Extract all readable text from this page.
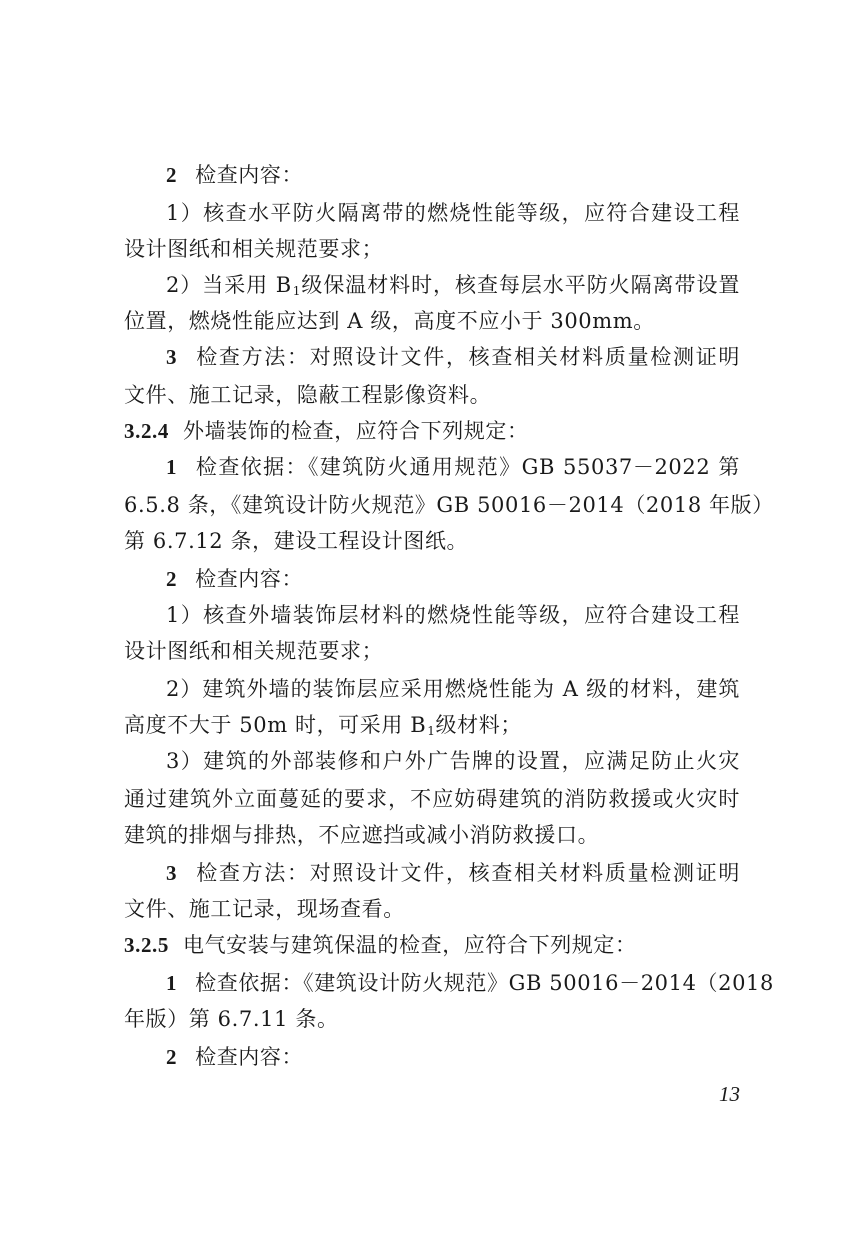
2 检查内容：
1）核查水平防火隔离带的燃烧性能等级，应符合建设工程
设计图纸和相关规范要求；
2）当采用 $B_1$级保温材料时，核查每层水平防火隔离带设置
位置，燃烧性能应达到 A 级，高度不应小于 300mm。
3 检查方法：对照设计文件，核查相关材料质量检测证明
文件、施工记录，隐蔽工程影像资料。
3.2.4 外墙装饰的检查，应符合下列规定：
1 检查依据：《建筑防火通用规范》GB 55037－2022 第
6.5.8 条，《建筑设计防火规范》GB 50016－2014（2018 年版）
第 6.7.12 条，建设工程设计图纸。
2 检查内容：
1）核查外墙装饰层材料的燃烧性能等级，应符合建设工程
设计图纸和相关规范要求；
2）建筑外墙的装饰层应采用燃烧性能为 A 级的材料，建筑
高度不大于 50m 时，可采用 $B_1$级材料；
3）建筑的外部装修和户外广告牌的设置，应满足防止火灾
通过建筑外立面蔓延的要求，不应妨碍建筑的消防救援或火灾时
建筑的排烟与排热，不应遮挡或减小消防救援口。
3 检查方法：对照设计文件，核查相关材料质量检测证明
文件、施工记录，现场查看。
3.2.5 电气安装与建筑保温的检查，应符合下列规定：
1 检查依据：《建筑设计防火规范》GB 50016－2014（2018
年版）第 6.7.11 条。
2 检查内容：
13
